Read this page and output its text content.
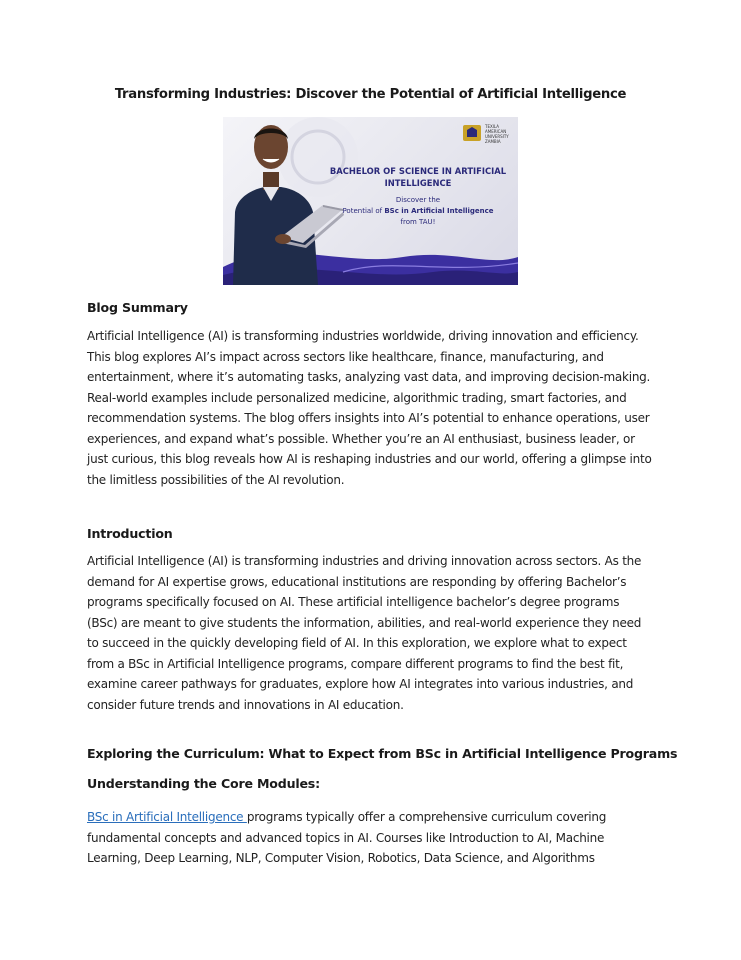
Transforming Industries: Discover the Potential of Artificial Intelligence
TEXILA AMERICAN UNIVERSITY ZAMBIA
BACHELOR OF SCIENCE IN ARTIFICIAL INTELLIGENCE
Discover the
Potential of BSc in Artificial Intelligence
from TAU!
Blog Summary

Artificial Intelligence (AI) is transforming industries worldwide, driving innovation and efficiency. This blog explores AI’s impact across sectors like healthcare, finance, manufacturing, and entertainment, where it’s automating tasks, analyzing vast data, and improving decision-making. Real-world examples include personalized medicine, algorithmic trading, smart factories, and recommendation systems. The blog offers insights into AI’s potential to enhance operations, user experiences, and expand what’s possible. Whether you’re an AI enthusiast, business leader, or just curious, this blog reveals how AI is reshaping industries and our world, offering a glimpse into the limitless possibilities of the AI revolution.

Introduction

Artificial Intelligence (AI) is transforming industries and driving innovation across sectors. As the demand for AI expertise grows, educational institutions are responding by offering Bachelor’s programs specifically focused on AI. These artificial intelligence bachelor’s degree programs (BSc) are meant to give students the information, abilities, and real-world experience they need to succeed in the quickly developing field of AI. In this exploration, we explore what to expect from a BSc in Artificial Intelligence programs, compare different programs to find the best fit, examine career pathways for graduates, explore how AI integrates into various industries, and consider future trends and innovations in AI education.

Exploring the Curriculum: What to Expect from BSc in Artificial Intelligence Programs
Understanding the Core Modules:

BSc in Artificial Intelligence programs typically offer a comprehensive curriculum covering fundamental concepts and advanced topics in AI. Courses like Introduction to AI, Machine Learning, Deep Learning, NLP, Computer Vision, Robotics, Data Science, and Algorithms
